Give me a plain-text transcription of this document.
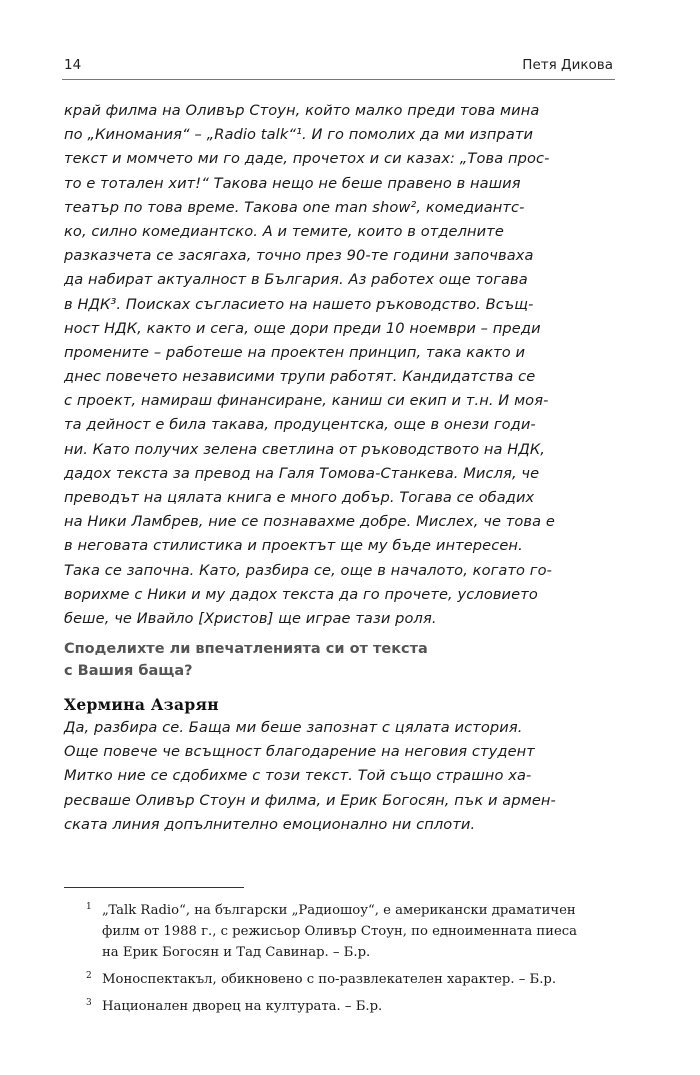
14	Петя Дикова
край филма на Оливър Стоун, който малко преди това мина
по „Киномания“ – „Radio talk“¹. И го помолих да ми изпрати
текст и момчето ми го даде, прочетох и си казах: „Това прос-
то е тотален хит!“ Такова нещо не беше правено в нашия
театър по това време. Такова one man show², комедиантс-
ко, силно комедиантско. А и темите, които в отделните
разказчета се засягаха, точно през 90-те години започваха
да набират актуалност в България. Аз работех още тогава
в НДК³. Поисках съгласието на нашето ръководство. Всъщ-
ност НДК, както и сега, още дори преди 10 ноември – преди
промените – работеше на проектен принцип, така както и
днес повечето независими трупи работят. Кандидатства се
с проект, намираш финансиране, каниш си екип и т.н. И моя-
та дейност е била такава, продуцентска, още в онези годи-
ни. Като получих зелена светлина от ръководството на НДК,
дадох текста за превод на Галя Томова-Станкева. Мисля, че
преводът на цялата книга е много добър. Тогава се обадих
на Ники Ламбрев, ние се познавахме добре. Мислех, че това е
в неговата стилистика и проектът ще му бъде интересен.
Така се започна. Като, разбира се, още в началото, когато го-
ворихме с Ники и му дадох текста да го прочете, условието
беше, че Ивайло [Христов] ще играе тази роля.
Споделихте ли впечатленията си от текста
с Вашия баща?
Хермина Азарян
Да, разбира се. Баща ми беше запознат с цялата история.
Още повече че всъщност благодарение на неговия студент
Митко ние се сдобихме с този текст. Той също страшно ха-
ресваше Оливър Стоун и филма, и Ерик Богосян, пък и армен-
ската линия допълнително емоционално ни сплоти.
1 „Talk Radio“, на български „Радиошоу“, е американски драматичен
филм от 1988 г., с режисьор Оливър Стоун, по едноименната пиеса
на Ерик Богосян и Тад Савинар. – Б.р.
2 Моноспектакъл, обикновено с по-развлекателен характер. – Б.р.
3 Национален дворец на културата. – Б.р.
